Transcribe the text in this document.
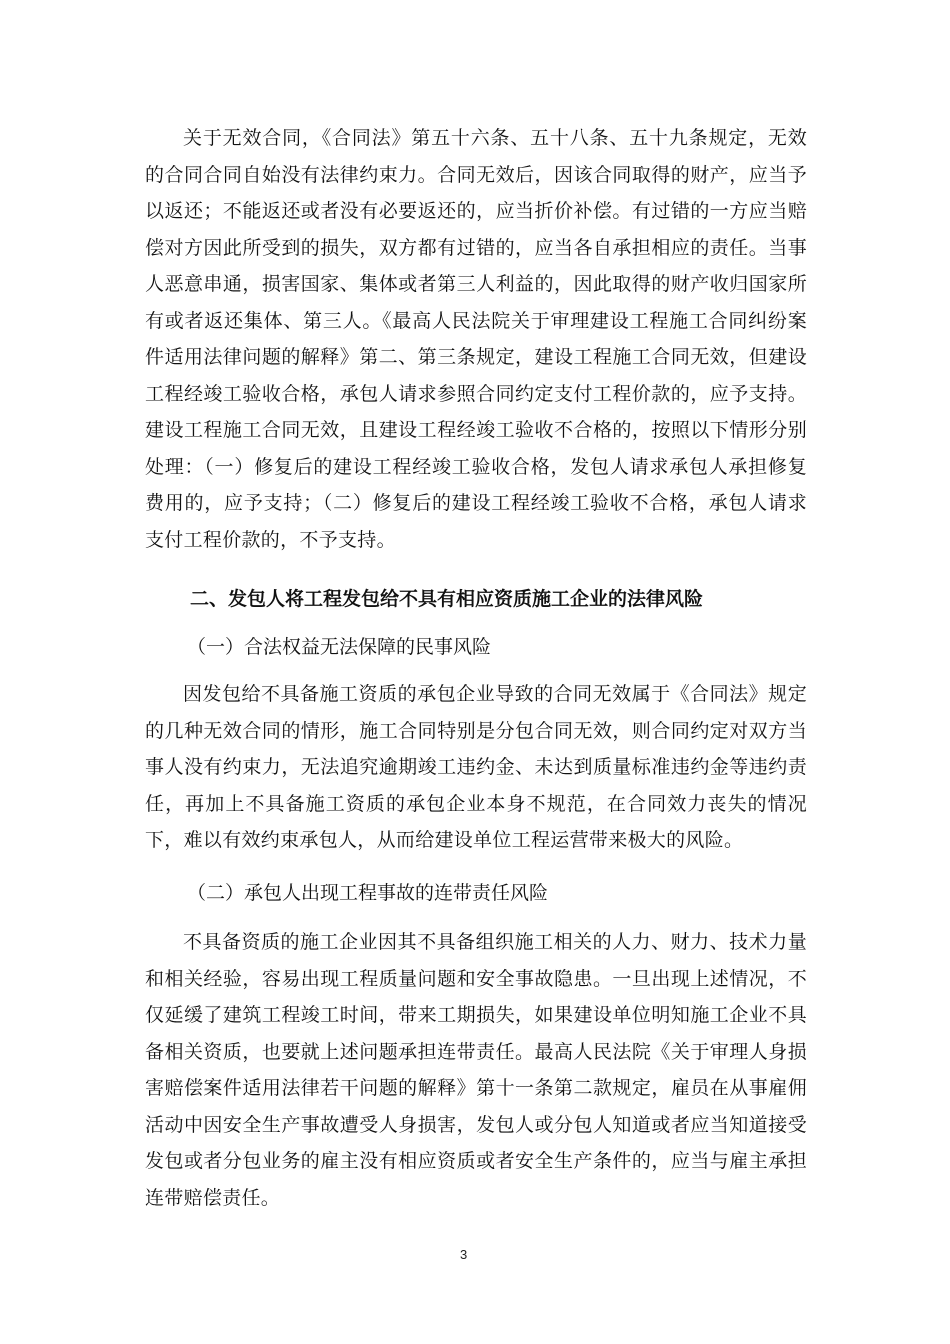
关于无效合同，《合同法》第五十六条、五十八条、五十九条规定，无效的合同合同自始没有法律约束力。合同无效后，因该合同取得的财产，应当予以返还；不能返还或者没有必要返还的，应当折价补偿。有过错的一方应当赔偿对方因此所受到的损失，双方都有过错的，应当各自承担相应的责任。当事人恶意串通，损害国家、集体或者第三人利益的，因此取得的财产收归国家所有或者返还集体、第三人。《最高人民法院关于审理建设工程施工合同纠纷案件适用法律问题的解释》第二、第三条规定，建设工程施工合同无效，但建设工程经竣工验收合格，承包人请求参照合同约定支付工程价款的，应予支持。建设工程施工合同无效，且建设工程经竣工验收不合格的，按照以下情形分别处理：（一）修复后的建设工程经竣工验收合格，发包人请求承包人承担修复费用的，应予支持；（二）修复后的建设工程经竣工验收不合格，承包人请求支付工程价款的，不予支持。

二、发包人将工程发包给不具有相应资质施工企业的法律风险

（一）合法权益无法保障的民事风险

因发包给不具备施工资质的承包企业导致的合同无效属于《合同法》规定的几种无效合同的情形，施工合同特别是分包合同无效，则合同约定对双方当事人没有约束力，无法追究逾期竣工违约金、未达到质量标准违约金等违约责任，再加上不具备施工资质的承包企业本身不规范，在合同效力丧失的情况下，难以有效约束承包人，从而给建设单位工程运营带来极大的风险。

（二）承包人出现工程事故的连带责任风险

不具备资质的施工企业因其不具备组织施工相关的人力、财力、技术力量和相关经验，容易出现工程质量问题和安全事故隐患。一旦出现上述情况，不仅延缓了建筑工程竣工时间，带来工期损失，如果建设单位明知施工企业不具备相关资质，也要就上述问题承担连带责任。最高人民法院《关于审理人身损害赔偿案件适用法律若干问题的解释》第十一条第二款规定，雇员在从事雇佣活动中因安全生产事故遭受人身损害，发包人或分包人知道或者应当知道接受发包或者分包业务的雇主没有相应资质或者安全生产条件的，应当与雇主承担连带赔偿责任。

3
